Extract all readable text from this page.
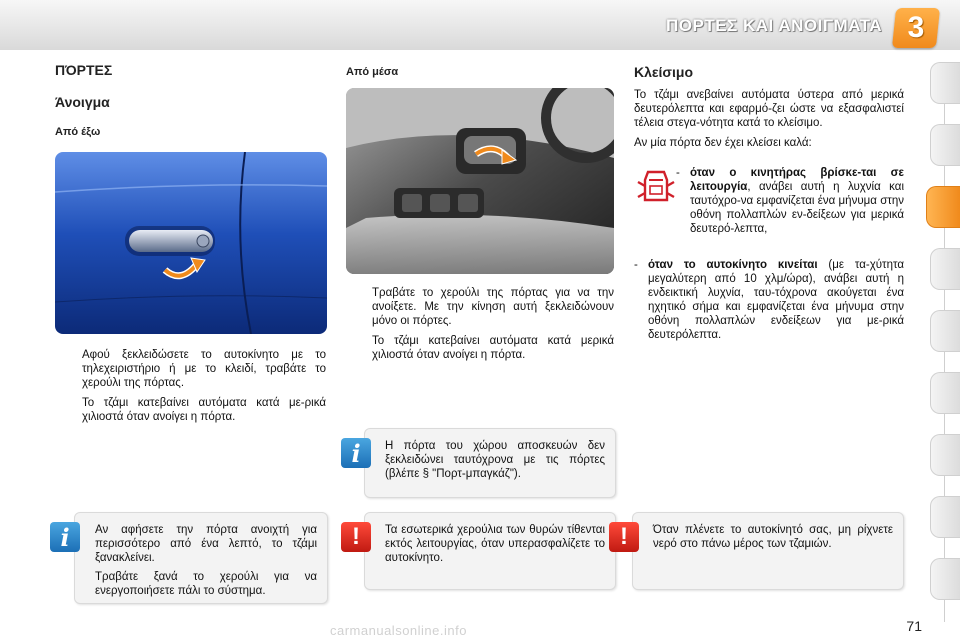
ΠΟΡΤΕΣ ΚΑΙ ΑΝΟΙΓΜΑΤΑ 3
ΠΌΡΤΕΣ
Άνοιγμα
Από έξω

Αφού ξεκλειδώσετε το αυτοκίνητο με το τηλεχειριστήριο ή με το κλειδί, τραβάτε το χερούλι της πόρτας.

Το τζάμι κατεβαίνει αυτόματα κατά με-ρικά χιλιοστά όταν ανοίγει η πόρτα.

Από μέσα

Τραβάτε το χερούλι της πόρτας για να την ανοίξετε. Με την κίνηση αυτή ξεκλειδώνουν μόνο οι πόρτες.

Το τζάμι κατεβαίνει αυτόματα κατά μερικά χιλιοστά όταν ανοίγει η πόρτα.

Κλείσιμο

Το τζάμι ανεβαίνει αυτόματα ύστερα από μερικά δευτερόλεπτα και εφαρμό-ζει ώστε να εξασφαλιστεί τέλεια στεγα-νότητα κατά το κλείσιμο.

Αν μία πόρτα δεν έχει κλείσει καλά:

- όταν ο κινητήρας βρίσκε-ται σε λειτουργία, ανάβει αυτή η λυχνία και ταυτόχρο-να εμφανίζεται ένα μήνυμα στην οθόνη πολλαπλών εν-δείξεων για μερικά δευτερό-λεπτα,

- όταν το αυτοκίνητο κινείται (με τα-χύτητα μεγαλύτερη από 10 χλμ/ώρα), ανάβει αυτή η ενδεικτική λυχνία, ταυ-τόχρονα ακούγεται ένα ηχητικό σήμα και εμφανίζεται ένα μήνυμα στην οθόνη πολλαπλών ενδείξεων για με-ρικά δευτερόλεπτα.

Η πόρτα του χώρου αποσκευών δεν ξεκλειδώνει ταυτόχρονα με τις πόρτες (βλέπε § "Πορτ-μπαγκάζ").
i

Αν αφήσετε την πόρτα ανοιχτή για περισσότερο από ένα λεπτό, το τζάμι ξανακλείνει.

Τραβάτε ξανά το χερούλι για να ενεργοποιήσετε πάλι το σύστημα.

i	Τα εσωτερικά χερούλια των θυρών τίθενται εκτός λειτουργίας, όταν υπερασφαλίζετε το αυτοκίνητο.
!	Όταν πλένετε το αυτοκίνητό σας, μη ρίχνετε νερό στο πάνω μέρος των τζαμιών.
!
71
carmanualsonline.info
